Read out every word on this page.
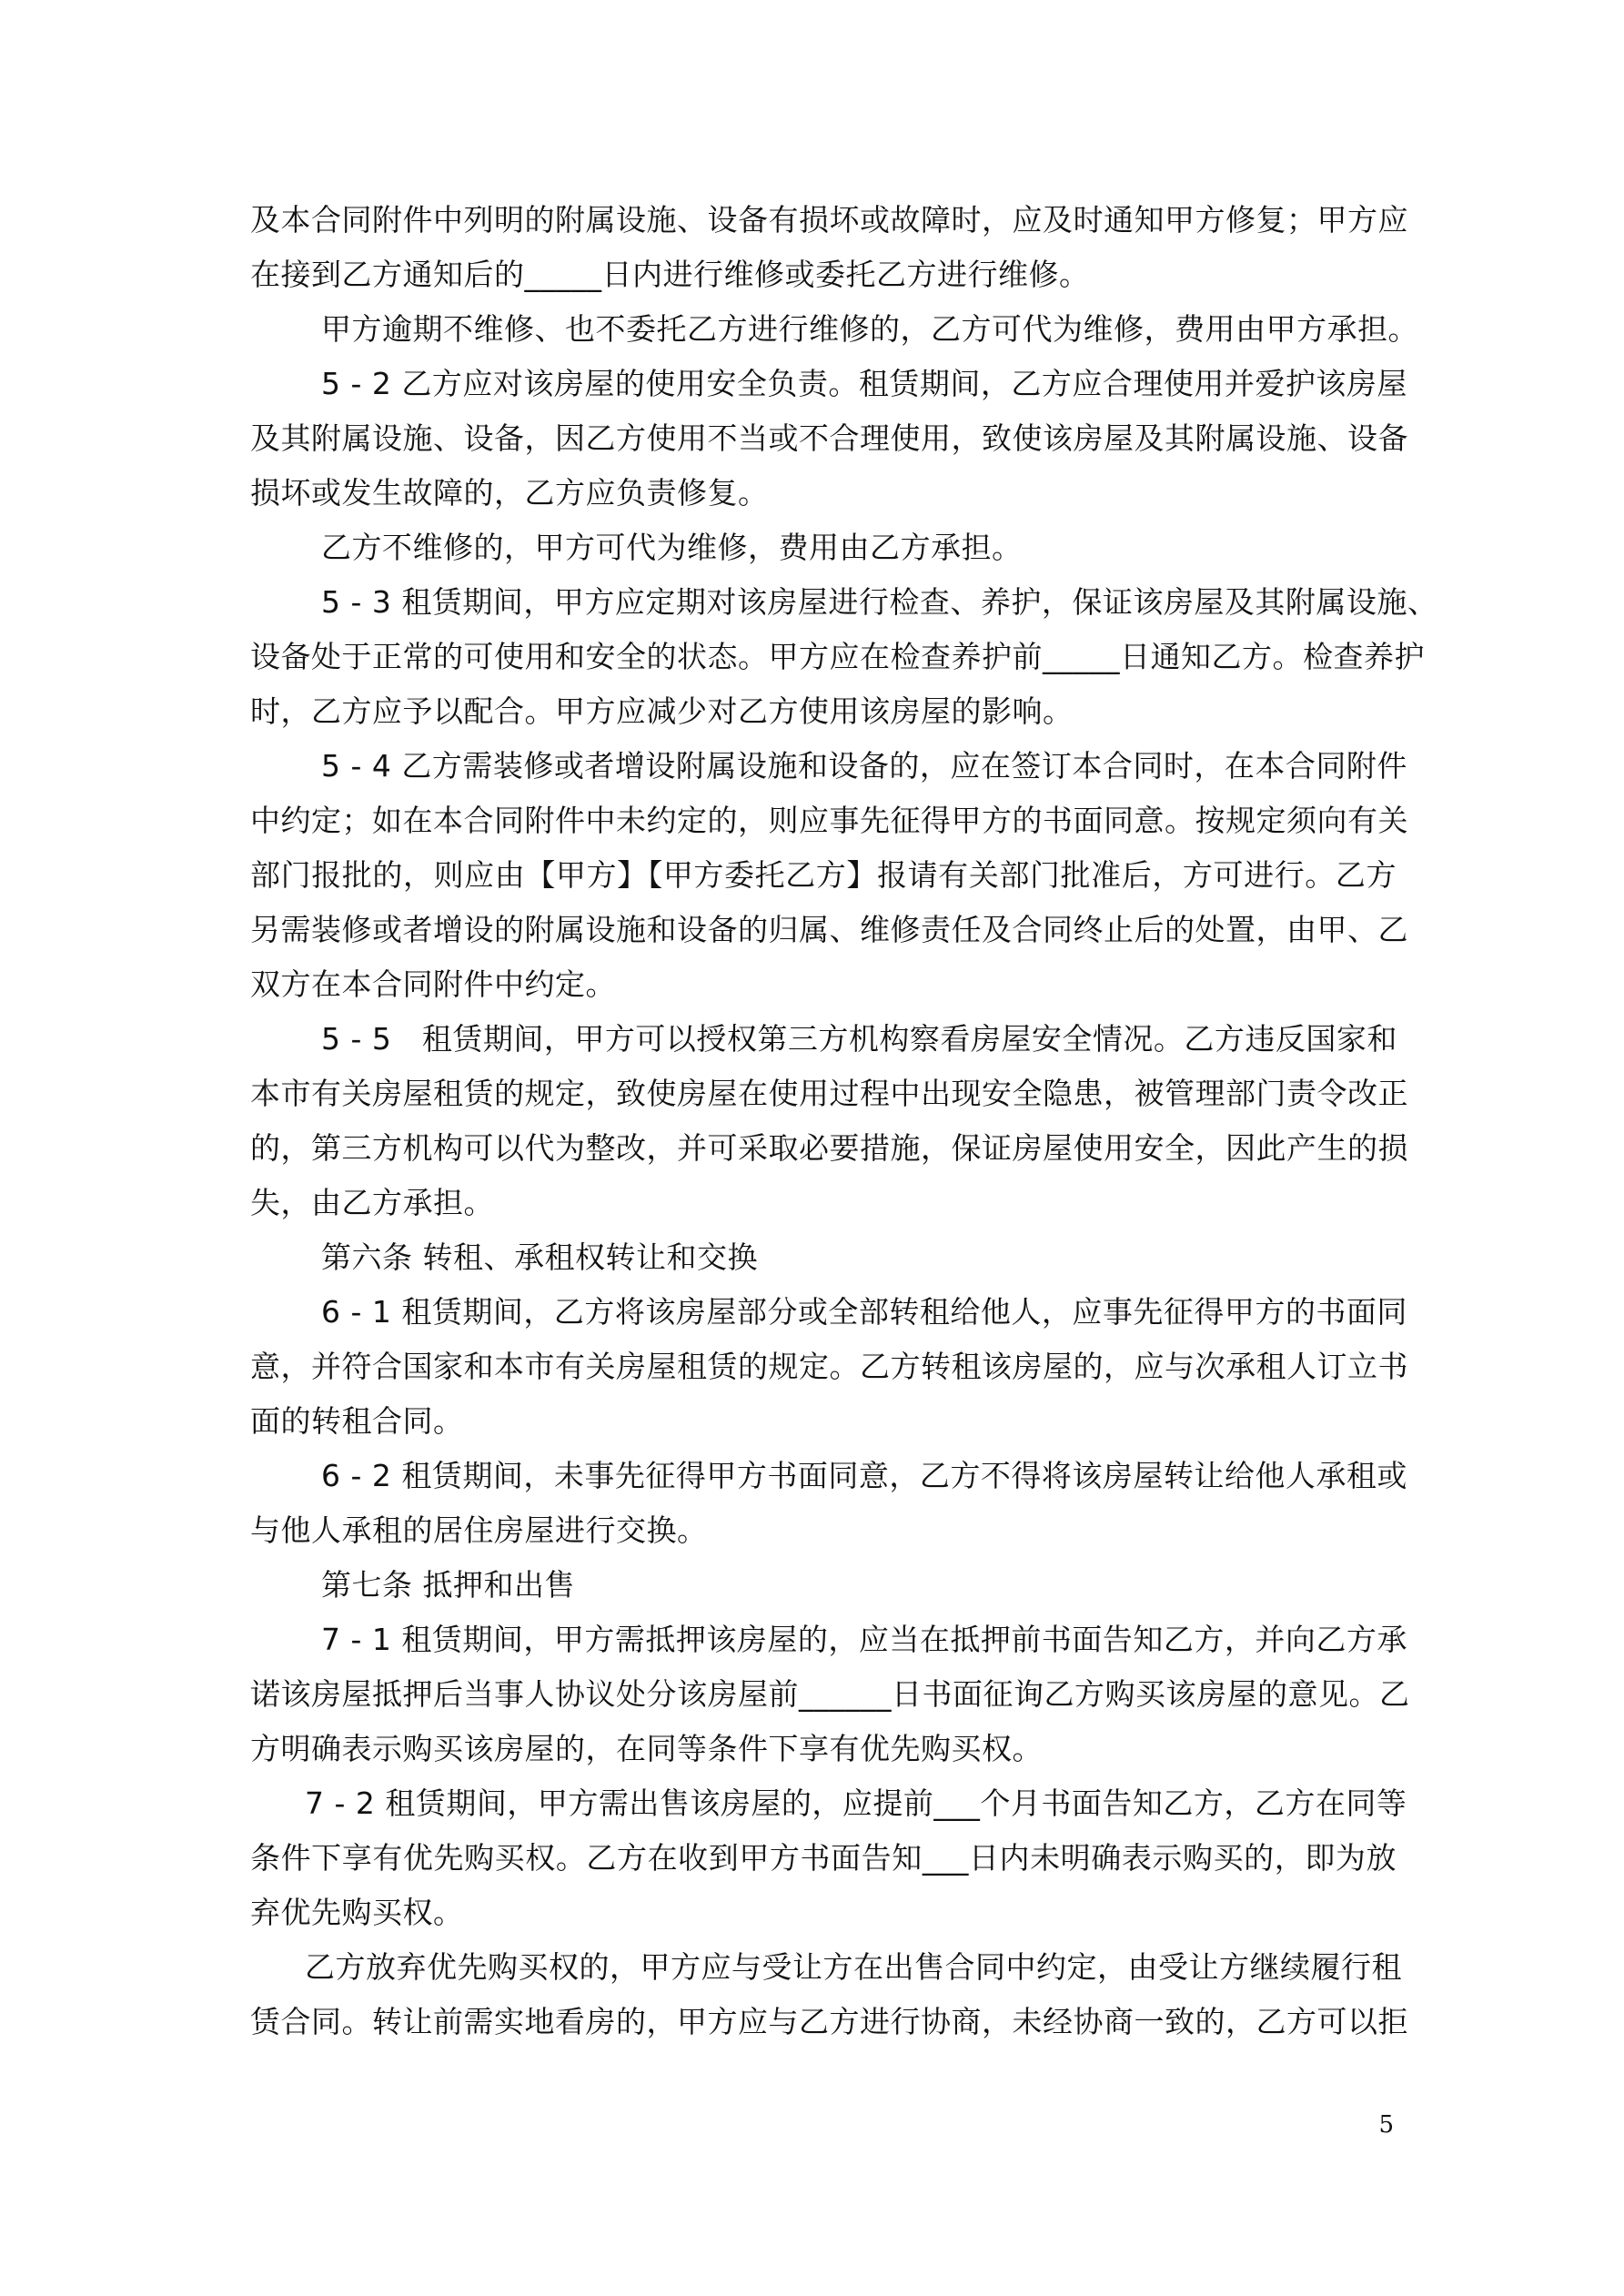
及本合同附件中列明的附属设施、设备有损坏或故障时，应及时通知甲方修复；甲方应
在接到乙方通知后的_____日内进行维修或委托乙方进行维修。
甲方逾期不维修、也不委托乙方进行维修的，乙方可代为维修，费用由甲方承担。
5 - 2 乙方应对该房屋的使用安全负责。租赁期间，乙方应合理使用并爱护该房屋
及其附属设施、设备，因乙方使用不当或不合理使用，致使该房屋及其附属设施、设备
损坏或发生故障的，乙方应负责修复。
乙方不维修的，甲方可代为维修，费用由乙方承担。
5 - 3 租赁期间，甲方应定期对该房屋进行检查、养护，保证该房屋及其附属设施、
设备处于正常的可使用和安全的状态。甲方应在检查养护前_____日通知乙方。检查养护
时，乙方应予以配合。甲方应减少对乙方使用该房屋的影响。
5 - 4 乙方需装修或者增设附属设施和设备的，应在签订本合同时，在本合同附件
中约定；如在本合同附件中未约定的，则应事先征得甲方的书面同意。按规定须向有关
部门报批的，则应由【甲方】【甲方委托乙方】报请有关部门批准后，方可进行。乙方
另需装修或者增设的附属设施和设备的归属、维修责任及合同终止后的处置，由甲、乙
双方在本合同附件中约定。
5 - 5　租赁期间，甲方可以授权第三方机构察看房屋安全情况。乙方违反国家和
本市有关房屋租赁的规定，致使房屋在使用过程中出现安全隐患，被管理部门责令改正
的，第三方机构可以代为整改，并可采取必要措施，保证房屋使用安全，因此产生的损
失，由乙方承担。
第六条 转租、承租权转让和交换
6 - 1 租赁期间，乙方将该房屋部分或全部转租给他人，应事先征得甲方的书面同
意，并符合国家和本市有关房屋租赁的规定。乙方转租该房屋的，应与次承租人订立书
面的转租合同。
6 - 2 租赁期间，未事先征得甲方书面同意，乙方不得将该房屋转让给他人承租或
与他人承租的居住房屋进行交换。
第七条 抵押和出售
7 - 1 租赁期间，甲方需抵押该房屋的，应当在抵押前书面告知乙方，并向乙方承
诺该房屋抵押后当事人协议处分该房屋前______日书面征询乙方购买该房屋的意见。乙
方明确表示购买该房屋的，在同等条件下享有优先购买权。
7 - 2 租赁期间，甲方需出售该房屋的，应提前___个月书面告知乙方，乙方在同等
条件下享有优先购买权。乙方在收到甲方书面告知___日内未明确表示购买的，即为放
弃优先购买权。
乙方放弃优先购买权的，甲方应与受让方在出售合同中约定，由受让方继续履行租
赁合同。转让前需实地看房的，甲方应与乙方进行协商，未经协商一致的，乙方可以拒
5
